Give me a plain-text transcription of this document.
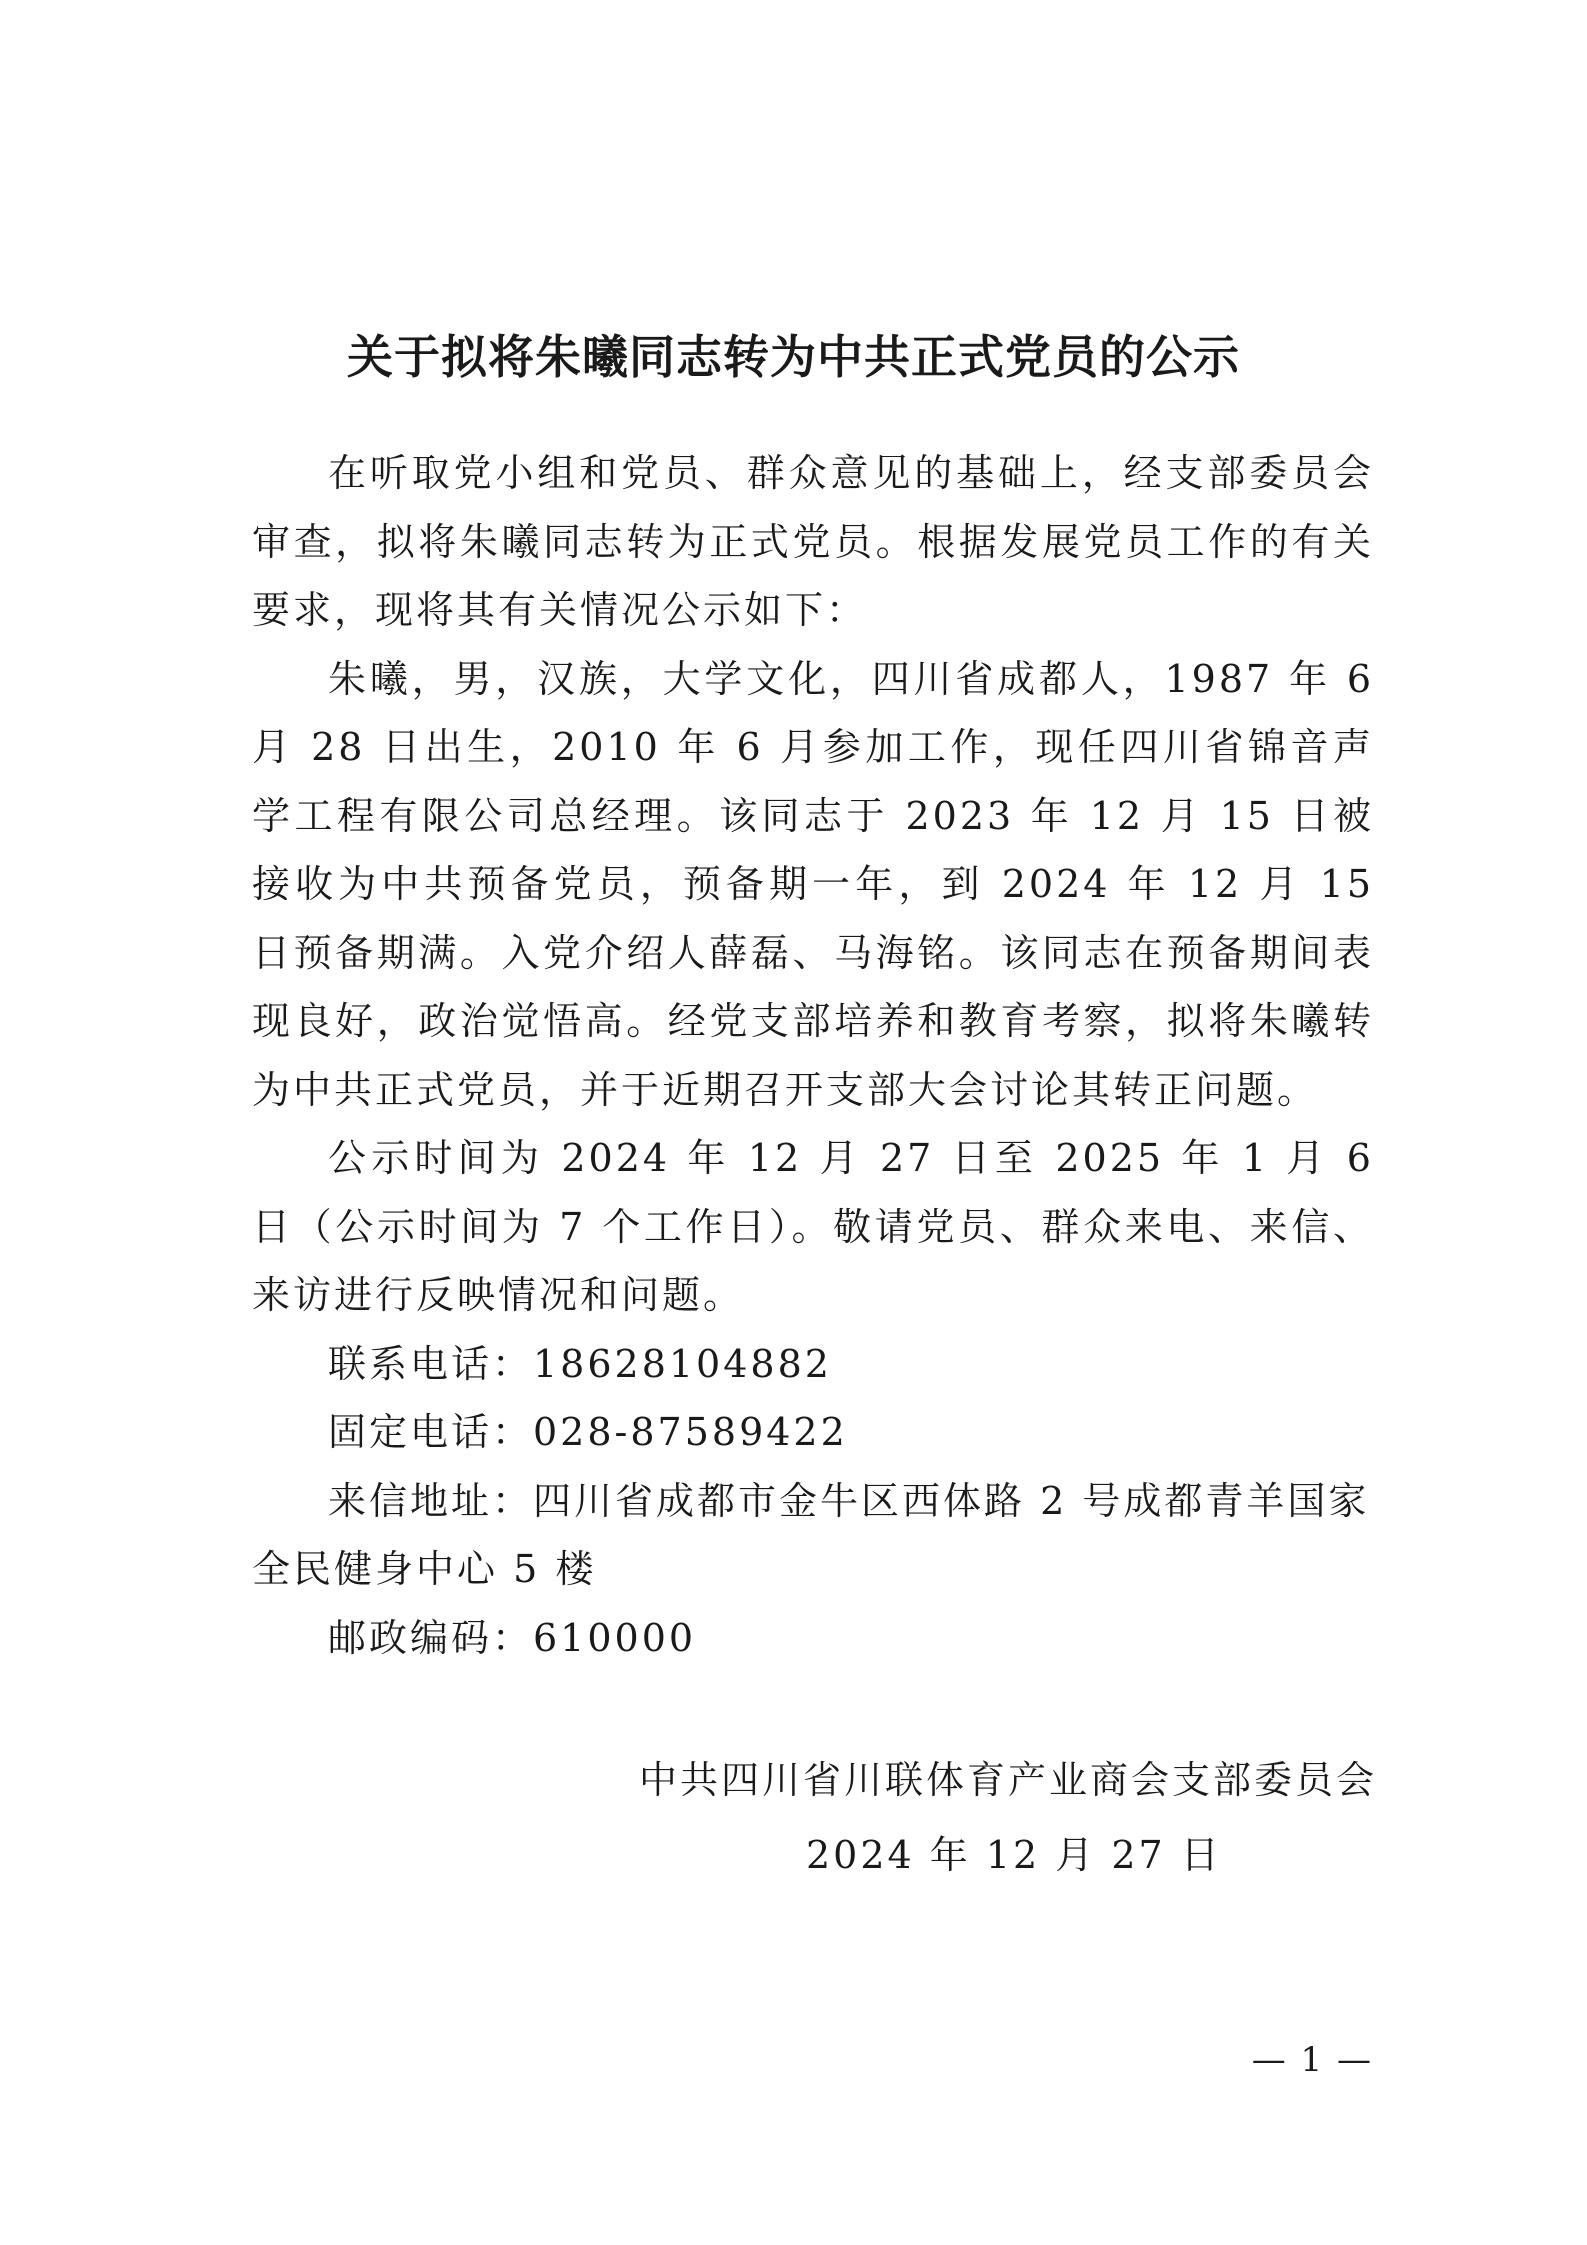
关于拟将朱曦同志转为中共正式党员的公示

在听取党小组和党员、群众意见的基础上，经支部委员会审查，拟将朱曦同志转为正式党员。根据发展党员工作的有关要求，现将其有关情况公示如下：

朱曦，男，汉族，大学文化，四川省成都人，1987 年 6 月 28 日出生，2010 年 6 月参加工作，现任四川省锦音声学工程有限公司总经理。该同志于 2023 年 12 月 15 日被接收为中共预备党员，预备期一年，到 2024 年 12 月 15 日预备期满。入党介绍人薛磊、马海铭。该同志在预备期间表现良好，政治觉悟高。经党支部培养和教育考察，拟将朱曦转为中共正式党员，并于近期召开支部大会讨论其转正问题。

公示时间为 2024 年 12 月 27 日至 2025 年 1 月 6 日（公示时间为 7 个工作日）。敬请党员、群众来电、来信、来访进行反映情况和问题。

联系电话：18628104882

固定电话：028-87589422

来信地址：四川省成都市金牛区西体路 2 号成都青羊国家全民健身中心 5 楼

邮政编码：610000

中共四川省川联体育产业商会支部委员会
2024 年 12 月 27 日
— 1 —
